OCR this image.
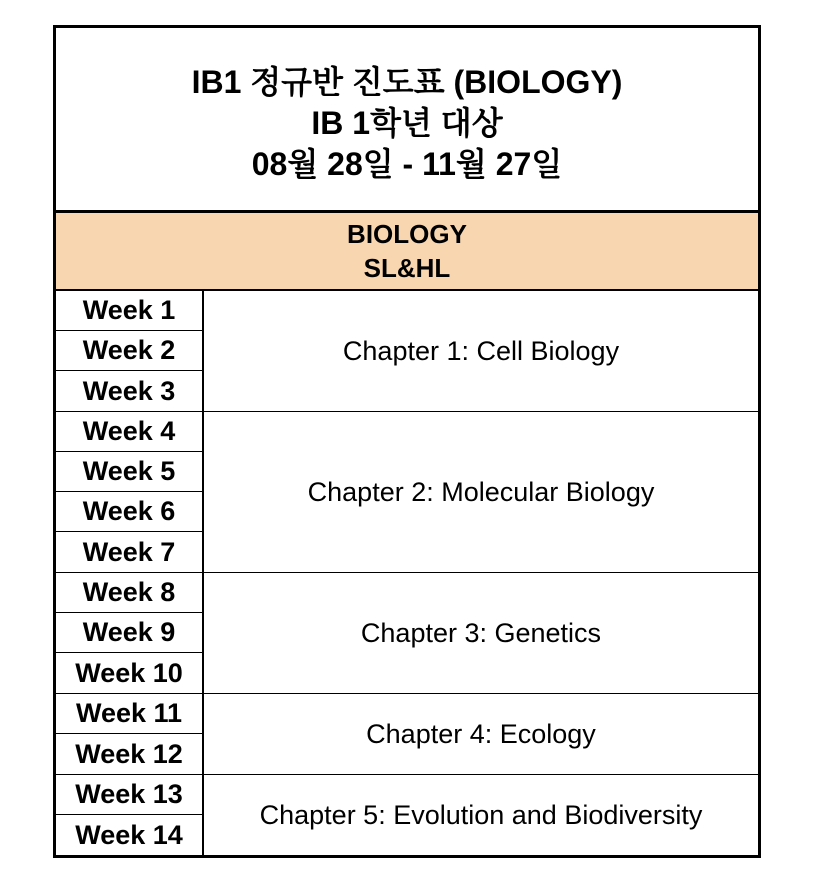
IB1 정규반 진도표 (BIOLOGY)
IB 1학년 대상
08월 28일 - 11월 27일
BIOLOGY
SL&HL
Week 1
Week 2
Week 3
Chapter 1: Cell Biology
Week 4
Week 5
Week 6
Week 7
Chapter 2: Molecular Biology
Week 8
Week 9
Week 10
Chapter 3: Genetics
Week 11
Week 12
Chapter 4: Ecology
Week 13
Week 14
Chapter 5: Evolution and Biodiversity
